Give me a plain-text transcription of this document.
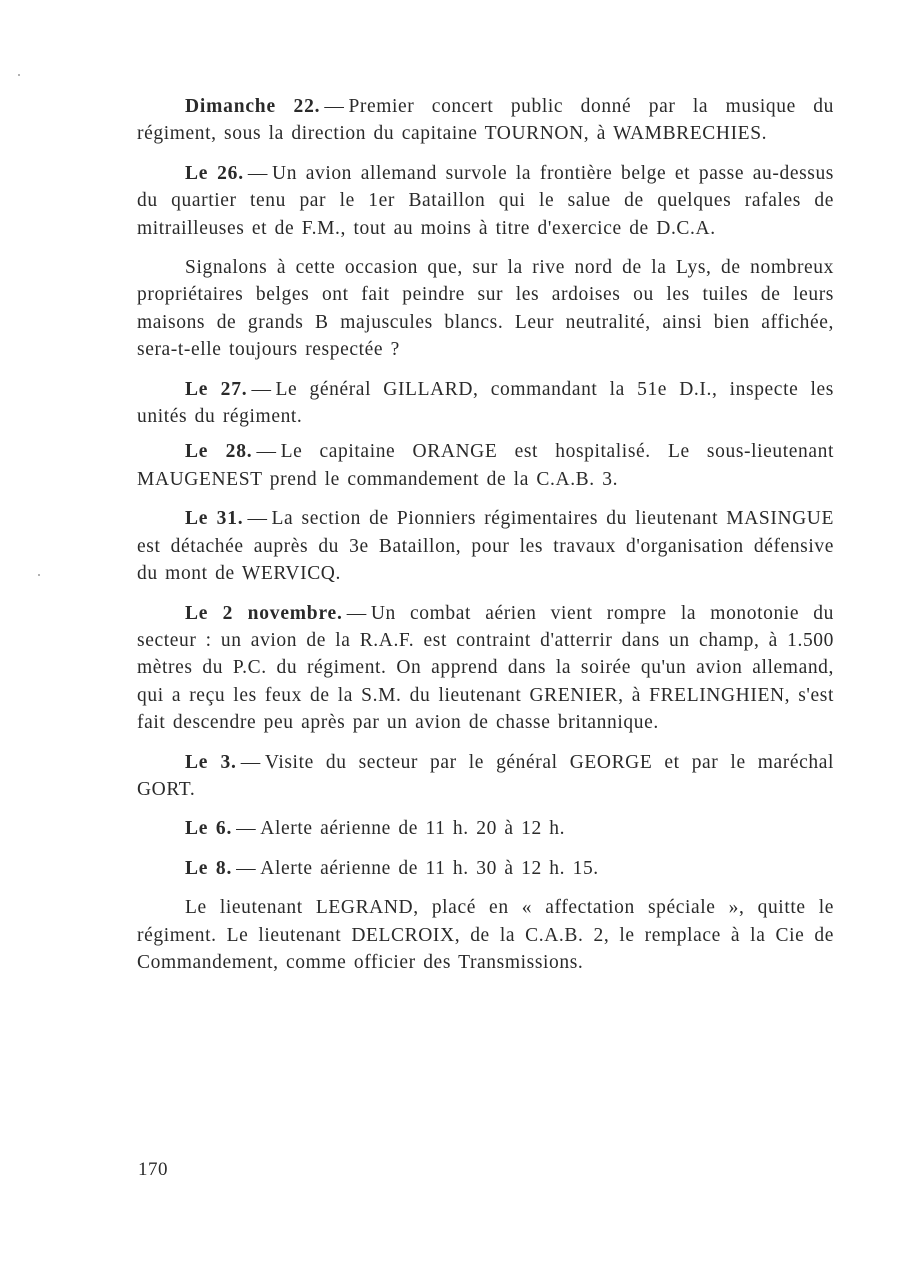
Dimanche 22. — Premier concert public donné par la musique du régiment, sous la direction du capitaine TOURNON, à WAMBRECHIES.

Le 26. — Un avion allemand survole la frontière belge et passe au-dessus du quartier tenu par le 1er Bataillon qui le salue de quelques rafales de mitrailleuses et de F.M., tout au moins à titre d'exercice de D.C.A.

Signalons à cette occasion que, sur la rive nord de la Lys, de nombreux propriétaires belges ont fait peindre sur les ardoises ou les tuiles de leurs maisons de grands B majuscules blancs. Leur neutralité, ainsi bien affichée, sera-t-elle toujours respectée ?

Le 27. — Le général GILLARD, commandant la 51e D.I., inspecte les unités du régiment.

Le 28. — Le capitaine ORANGE est hospitalisé. Le sous-lieutenant MAUGENEST prend le commandement de la C.A.B. 3.

Le 31. — La section de Pionniers régimentaires du lieutenant MASINGUE est détachée auprès du 3e Bataillon, pour les travaux d'organisation défensive du mont de WERVICQ.

Le 2 novembre. — Un combat aérien vient rompre la monotonie du secteur : un avion de la R.A.F. est contraint d'atterrir dans un champ, à 1.500 mètres du P.C. du régiment. On apprend dans la soirée qu'un avion allemand, qui a reçu les feux de la S.M. du lieutenant GRENIER, à FRELINGHIEN, s'est fait descendre peu après par un avion de chasse britannique.

Le 3. — Visite du secteur par le général GEORGE et par le maréchal GORT.

Le 6. — Alerte aérienne de 11 h. 20 à 12 h.

Le 8. — Alerte aérienne de 11 h. 30 à 12 h. 15.

Le lieutenant LEGRAND, placé en « affectation spéciale », quitte le régiment. Le lieutenant DELCROIX, de la C.A.B. 2, le remplace à la Cie de Commandement, comme officier des Transmissions.

170
